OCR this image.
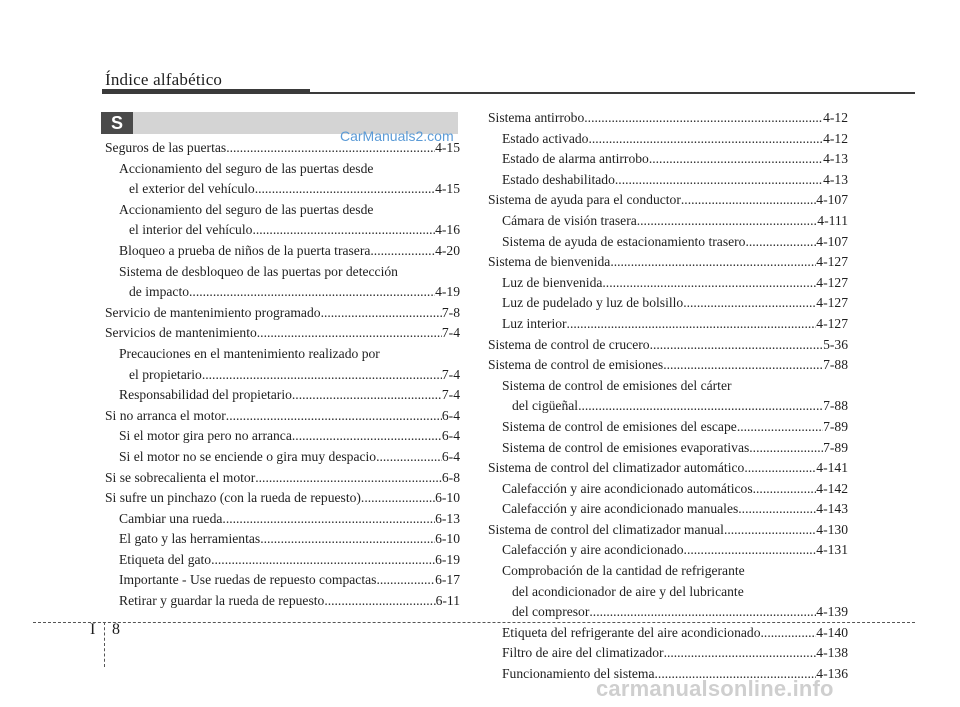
Índice alfabético
S
CarManuals2.com
Seguros de las puertas .....	4-15
Accionamiento del seguro de las puertas desde
el exterior del vehículo .....	4-15
Accionamiento del seguro de las puertas desde
el interior del vehículo .....	4-16
Bloqueo a prueba de niños de la puerta trasera .....	4-20
Sistema de desbloqueo de las puertas por detección
de impacto .....	4-19
Servicio de mantenimiento programado .....	7-8
Servicios de mantenimiento .....	7-4
Precauciones en el mantenimiento realizado por
el propietario .....	7-4
Responsabilidad del propietario .....	7-4
Si no arranca el motor .....	6-4
Si el motor gira pero no arranca .....	6-4
Si el motor no se enciende o gira muy despacio .....	6-4
Si se sobrecalienta el motor .....	6-8
Si sufre un pinchazo (con la rueda de repuesto) .....	6-10
Cambiar una rueda .....	6-13
El gato y las herramientas .....	6-10
Etiqueta del gato .....	6-19
Importante - Use ruedas de repuesto compactas .....	6-17
Retirar y guardar la rueda de repuesto .....	6-11
Sistema antirrobo .....	4-12
Estado activado .....	4-12
Estado de alarma antirrobo .....	4-13
Estado deshabilitado .....	4-13
Sistema de ayuda para el conductor .....	4-107
Cámara de visión trasera .....	4-111
Sistema de ayuda de estacionamiento trasero .....	4-107
Sistema de bienvenida .....	4-127
Luz de bienvenida .....	4-127
Luz de pudelado y luz de bolsillo .....	4-127
Luz interior .....	4-127
Sistema de control de crucero .....	5-36
Sistema de control de emisiones .....	7-88
Sistema de control de emisiones del cárter
del cigüeñal .....	7-88
Sistema de control de emisiones del escape .....	7-89
Sistema de control de emisiones evaporativas .....	7-89
Sistema de control del climatizador automático .....	4-141
Calefacción y aire acondicionado automáticos .....	4-142
Calefacción y aire acondicionado manuales .....	4-143
Sistema de control del climatizador manual .....	4-130
Calefacción y aire acondicionado .....	4-131
Comprobación de la cantidad de refrigerante
del acondicionador de aire y del lubricante
del compresor .....	4-139
Etiqueta del refrigerante del aire acondicionado .....	4-140
Filtro de aire del climatizador .....	4-138
Funcionamiento del sistema .....	4-136
I 8
carmanualsonline.info
